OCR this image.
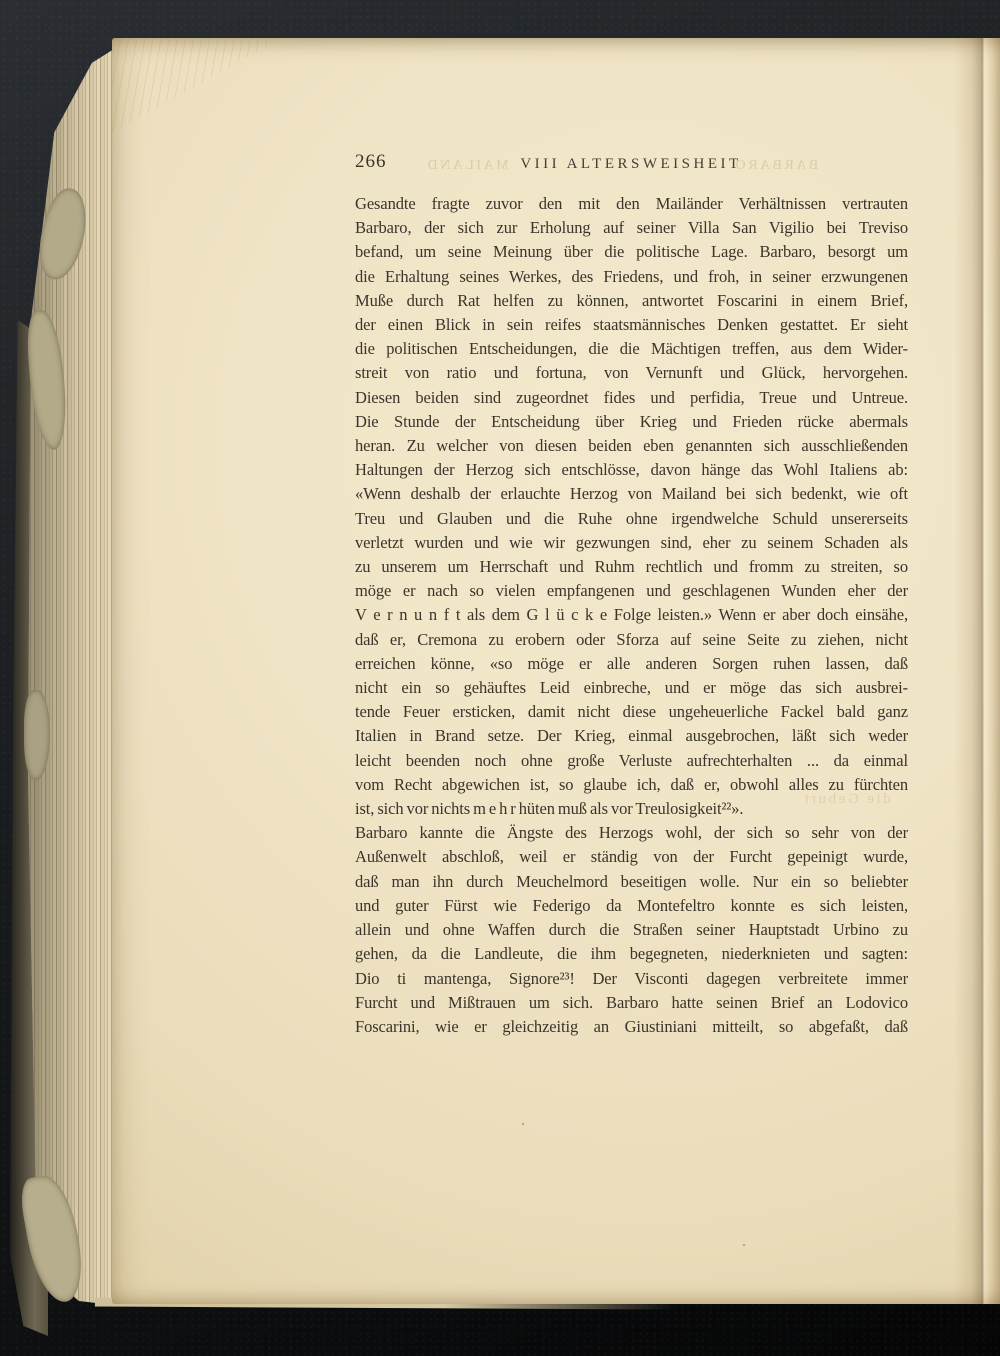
266	VIII ALTERSWEISHEIT
MAILAND	BARBARO
die Geburt
Gesandte fragte zuvor den mit den Mailänder Verhältnissen vertrauten
Barbaro, der sich zur Erholung auf seiner Villa San Vigilio bei Treviso
befand, um seine Meinung über die politische Lage. Barbaro, besorgt um
die Erhaltung seines Werkes, des Friedens, und froh, in seiner erzwungenen
Muße durch Rat helfen zu können, antwortet Foscarini in einem Brief,
der einen Blick in sein reifes staatsmännisches Denken gestattet. Er sieht
die politischen Entscheidungen, die die Mächtigen treffen, aus dem Wider-
streit von ratio und fortuna, von Vernunft und Glück, hervorgehen.
Diesen beiden sind zugeordnet fides und perfidia, Treue und Untreue.
Die Stunde der Entscheidung über Krieg und Frieden rücke abermals
heran. Zu welcher von diesen beiden eben genannten sich ausschließenden
Haltungen der Herzog sich entschlösse, davon hänge das Wohl Italiens ab:
«Wenn deshalb der erlauchte Herzog von Mailand bei sich bedenkt, wie oft
Treu und Glauben und die Ruhe ohne irgendwelche Schuld unsererseits
verletzt wurden und wie wir gezwungen sind, eher zu seinem Schaden als
zu unserem um Herrschaft und Ruhm rechtlich und fromm zu streiten, so
möge er nach so vielen empfangenen und geschlagenen Wunden eher der
V e r n u n f t als dem G l ü c k e Folge leisten.» Wenn er aber doch einsähe,
daß er, Cremona zu erobern oder Sforza auf seine Seite zu ziehen, nicht
erreichen könne, «so möge er alle anderen Sorgen ruhen lassen, daß
nicht ein so gehäuftes Leid einbreche, und er möge das sich ausbrei-
tende Feuer ersticken, damit nicht diese ungeheuerliche Fackel bald ganz
Italien in Brand setze. Der Krieg, einmal ausgebrochen, läßt sich weder
leicht beenden noch ohne große Verluste aufrechterhalten ... da einmal
vom Recht abgewichen ist, so glaube ich, daß er, obwohl alles zu fürchten
ist, sich vor nichts m e h r hüten muß als vor Treulosigkeit²²».
Barbaro kannte die Ängste des Herzogs wohl, der sich so sehr von der
Außenwelt abschloß, weil er ständig von der Furcht gepeinigt wurde,
daß man ihn durch Meuchelmord beseitigen wolle. Nur ein so beliebter
und guter Fürst wie Federigo da Montefeltro konnte es sich leisten,
allein und ohne Waffen durch die Straßen seiner Hauptstadt Urbino zu
gehen, da die Landleute, die ihm begegneten, niederknieten und sagten:
Dio ti mantenga, Signore²³! Der Visconti dagegen verbreitete immer
Furcht und Mißtrauen um sich. Barbaro hatte seinen Brief an Lodovico
Foscarini, wie er gleichzeitig an Giustiniani mitteilt, so abgefaßt, daß
